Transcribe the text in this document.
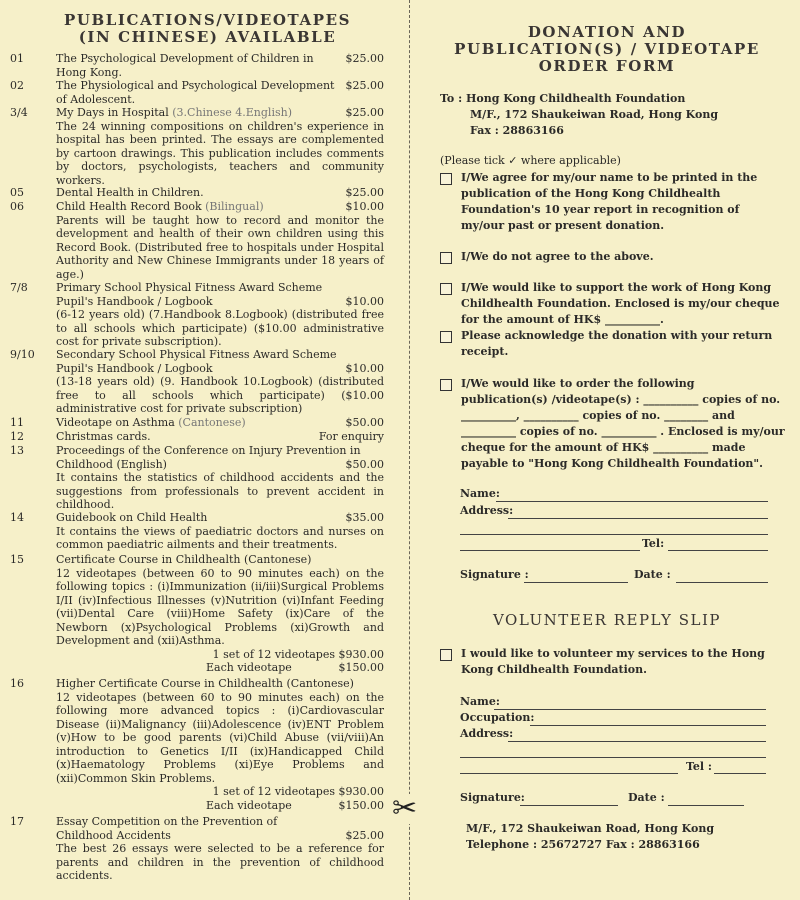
✂
PUBLICATIONS/VIDEOTAPES
(IN CHINESE) AVAILABLE
01	$25.00
The Psychological Development of Children in Hong Kong.
02	$25.00
The Physiological and Psychological Development of Adolescent.
3/4	$25.00
My Days in Hospital (3.Chinese 4.English)
The 24 winning compositions on children's experience in hospital has been printed. The essays are complemented by cartoon drawings. This publication includes comments by doctors, psychologists, teachers and community workers.
05	$25.00
Dental Health in Children.
06	$10.00
Child Health Record Book (Bilingual)
Parents will be taught how to record and monitor the development and health of their own children using this Record Book. (Distributed free to hospitals under Hospital Authority and New Chinese Immigrants under 18 years of age.)
7/8	Primary School Physical Fitness Award Scheme
Pupil's Handbook / Logbook	$10.00
(6-12 years old) (7.Handbook 8.Logbook) (distributed free to all schools which participate) ($10.00 administrative cost for private subscription).
9/10 Secondary School Physical Fitness Award Scheme
Pupil's Handbook / Logbook	$10.00
(13-18 years old) (9. Handbook 10.Logbook) (distributed free to all schools which participate) ($10.00 administrative cost for private subscription)
11	$50.00
Videotape on Asthma (Cantonese)
12	For enquiry
Christmas cards.
13	Proceedings of the Conference on Injury Prevention in
Childhood (English)	$50.00
It contains the statistics of childhood accidents and the suggestions from professionals to prevent accident in childhood.
14	$35.00
Guidebook on Child Health
It contains the views of paediatric doctors and nurses on common paediatric ailments and their treatments.
15	Certificate Course in Childhealth (Cantonese)
12 videotapes (between 60 to 90 minutes each) on the following topics : (i)Immunization (ii/iii)Surgical Problems I/II (iv)Infectious Illnesses (v)Nutrition (vi)Infant Feeding (vii)Dental Care (viii)Home Safety (ix)Care of the Newborn (x)Psychological Problems (xi)Growth and Development and (xii)Asthma.
1 set of 12 videotapes $930.00
Each videotape	$150.00
16	Higher Certificate Course in Childhealth (Cantonese)
12 videotapes (between 60 to 90 minutes each) on the following more advanced topics : (i)Cardiovascular Disease (ii)Malignancy (iii)Adolescence (iv)ENT Problem (v)How to be good parents (vi)Child Abuse (vii/viii)An introduction to Genetics I/II (ix)Handicapped Child (x)Haematology Problems (xi)Eye Problems and (xii)Common Skin Problems.
1 set of 12 videotapes $930.00
Each videotape	$150.00
17	Essay Competition on the Prevention of
Childhood Accidents	$25.00
The best 26 essays were selected to be a reference for parents and children in the prevention of childhood accidents.
DONATION AND
PUBLICATION(S) / VIDEOTAPE
ORDER FORM
To : Hong Kong Childhealth Foundation
M/F., 172 Shaukeiwan Road, Hong Kong
Fax : 28863166
(Please tick ✓ where applicable)
I/We agree for my/our name to be printed in the publication of the Hong Kong Childhealth Foundation's 10 year report in recognition of my/our past or present donation.
I/We do not agree to the above.
I/We would like to support the work of Hong Kong Childhealth Foundation. Enclosed is my/our cheque for the amount of HK$ __________.
Please acknowledge the donation with your return receipt.
I/We would like to order the following publication(s) /videotape(s) : __________ copies of no. __________, __________ copies of no. ________ and __________ copies of no. __________ . Enclosed is my/our cheque for the amount of HK$ __________ made payable to "Hong Kong Childhealth Foundation".
Name:
Address:
Tel:
Signature :	Date :
VOLUNTEER REPLY SLIP
I would like to volunteer my services to the Hong Kong Childhealth Foundation.
Name:
Occupation:
Address:
Tel :
Signature:	Date :
M/F., 172 Shaukeiwan Road, Hong Kong
Telephone : 25672727 Fax : 28863166
